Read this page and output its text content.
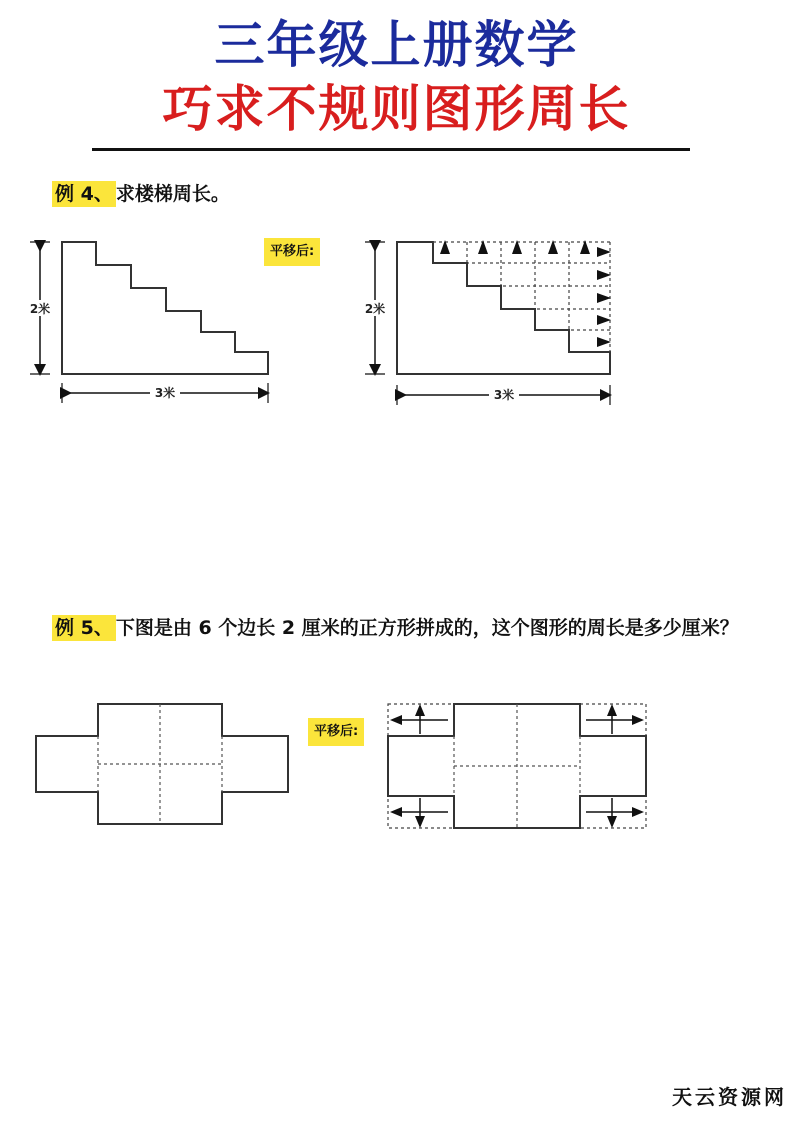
三年级上册数学
巧求不规则图形周长
例 4、 求楼梯周长。
2米
3米
平移后:
2米
3米
例 5、 下图是由 6 个边长 2 厘米的正方形拼成的，这个图形的周长是多少厘米？
平移后:
天云资源网
